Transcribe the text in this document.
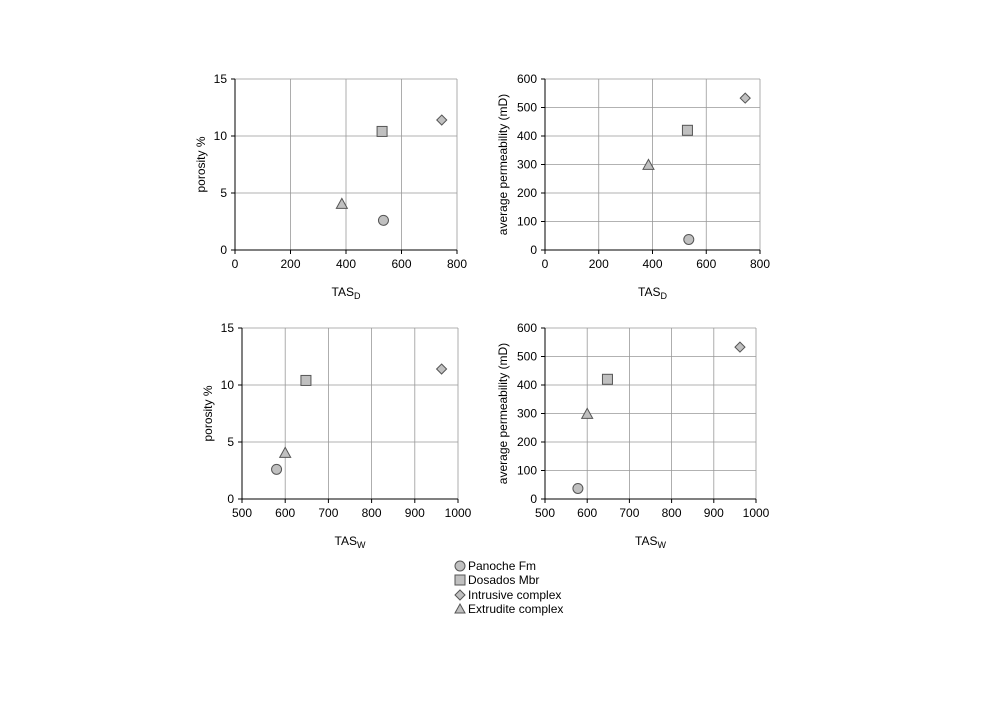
0	200	400	600	800
0
5
10
15
$TAS_D$
porosity %
0	200	400	600	800
0
100
200
300
400
500
600
$TAS_D$
average permeability (mD)
500 600 700 800 900 1000
0
5
10
15
$TAS_W$
porosity %
500 600 700 800 900 1000
0
100
200
300
400
500
600
$TAS_W$
average permeability (mD)
Panoche Fm
Dosados Mbr
Intrusive complex
Extrudite complex
